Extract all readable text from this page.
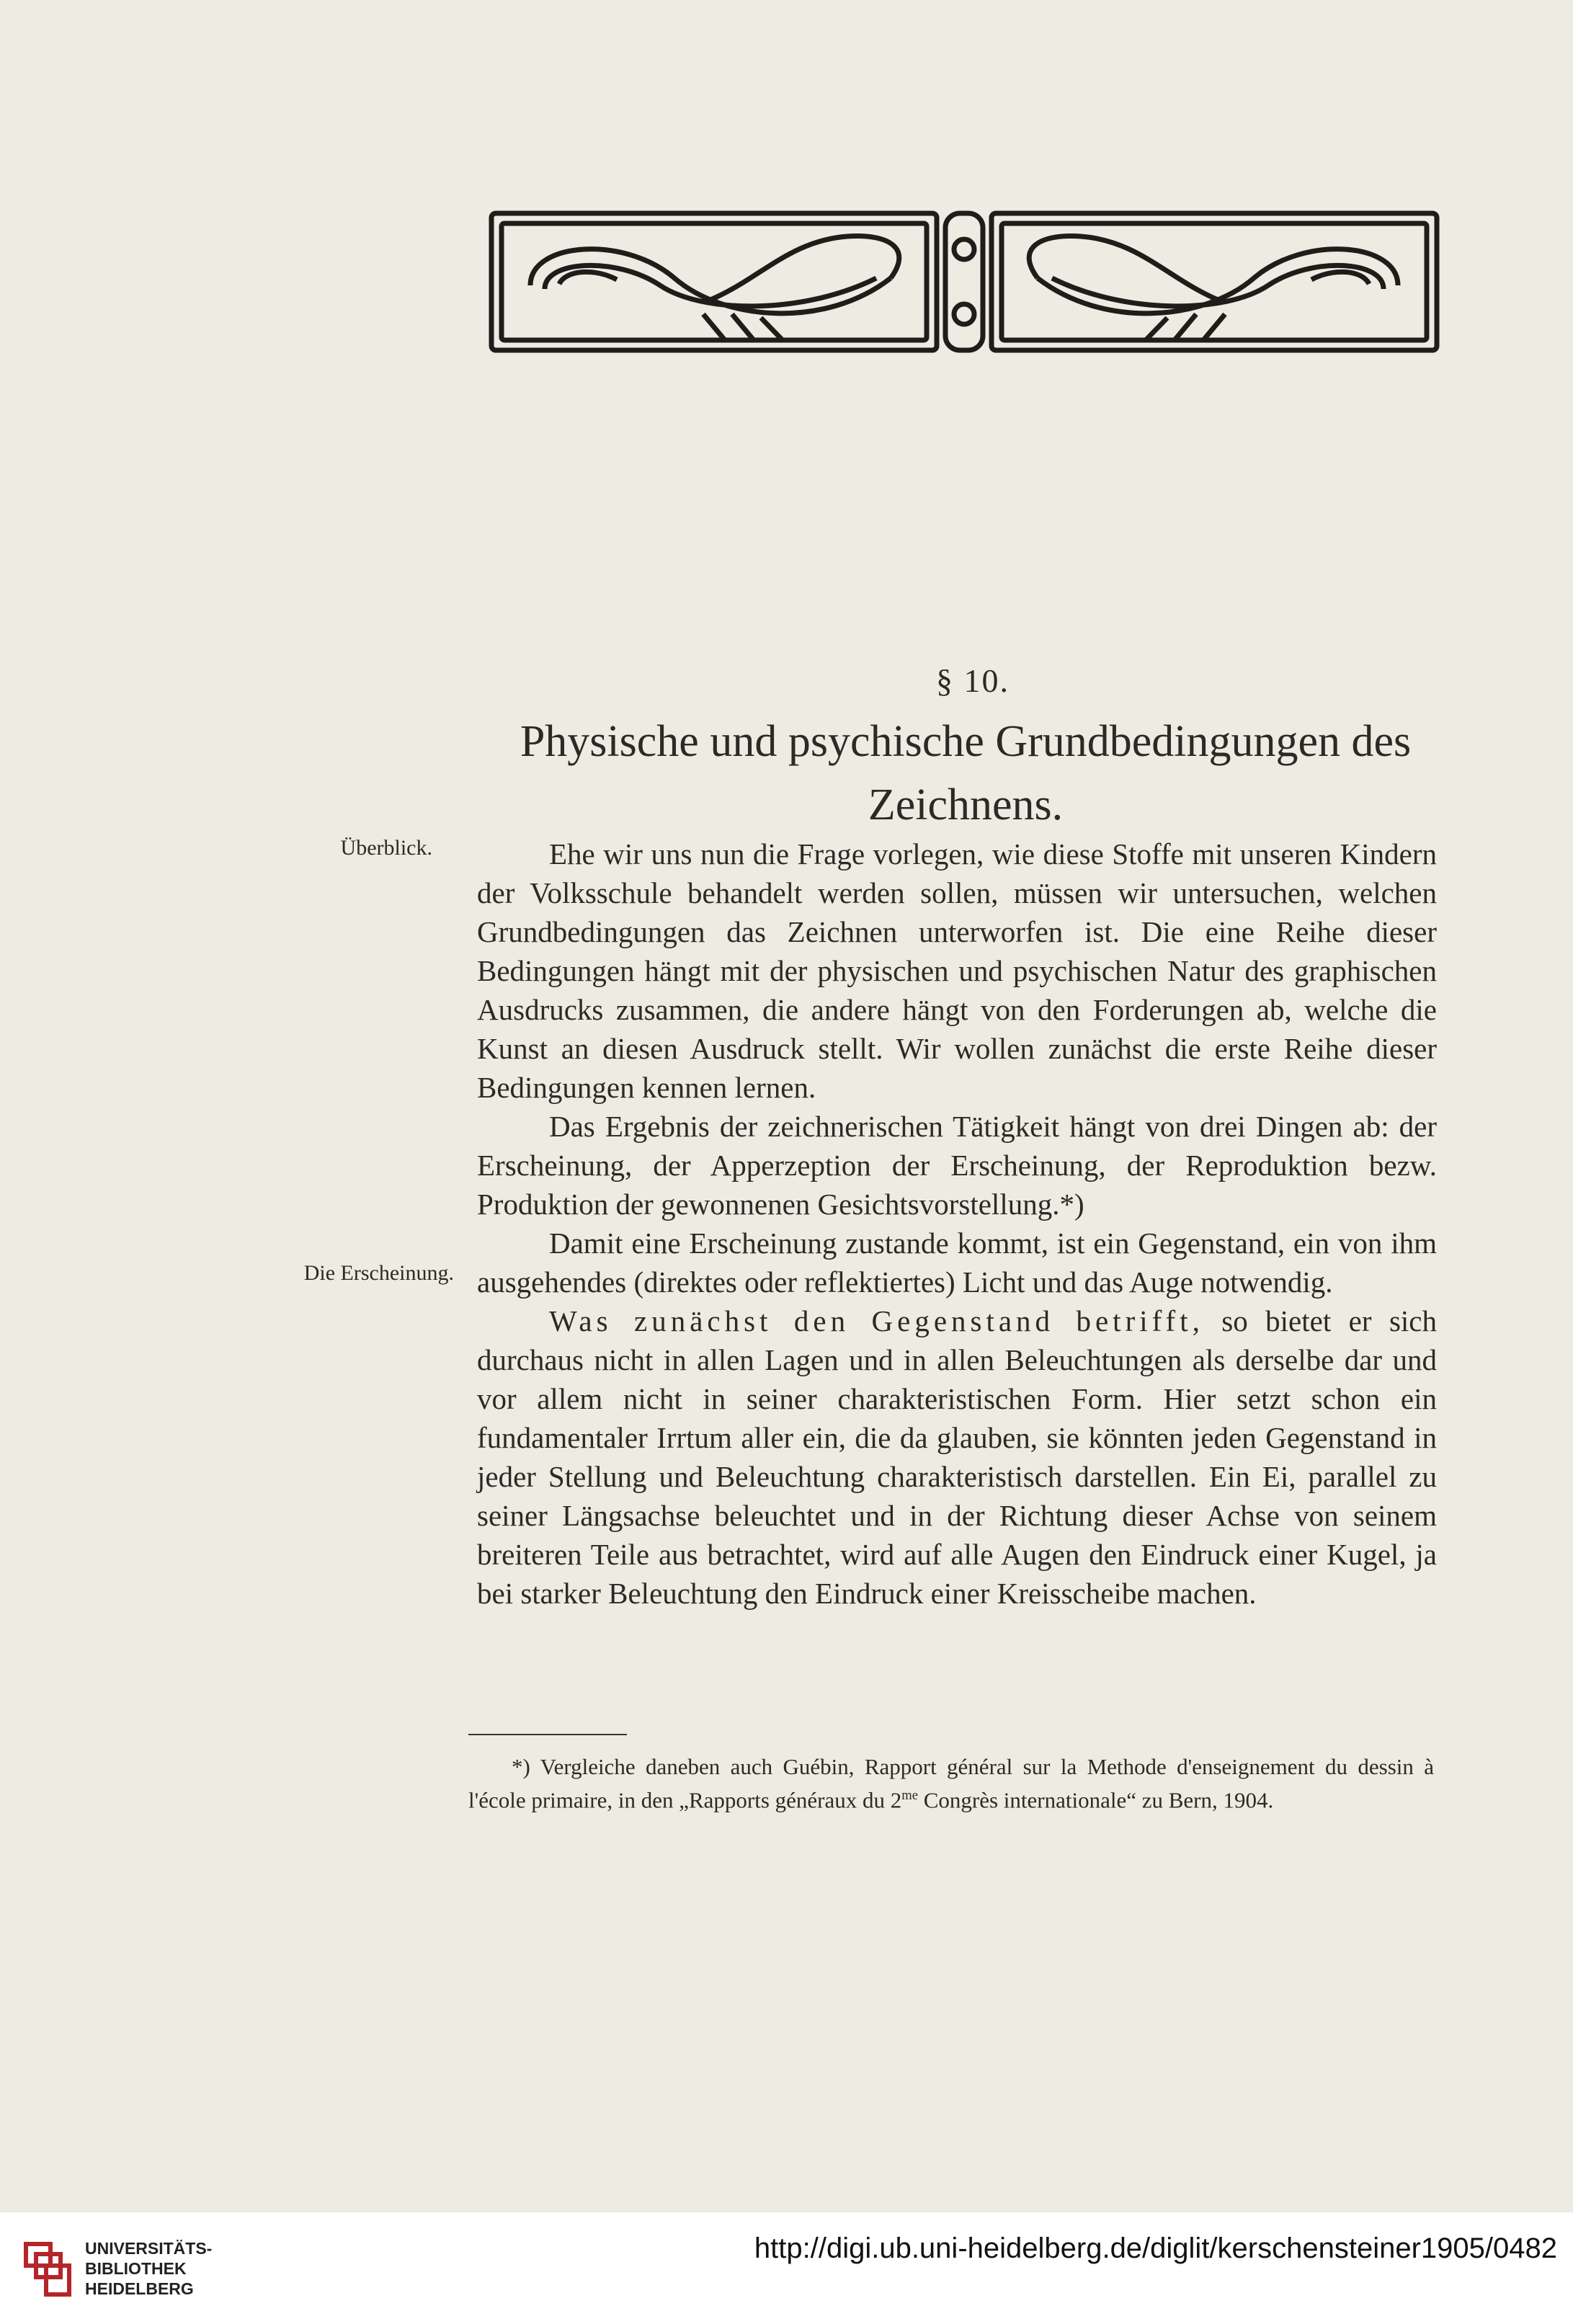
§ 10.
Physische und psychische Grundbedingungen des
Zeichnens.
Überblick.
Die Erscheinung.

Ehe wir uns nun die Frage vorlegen, wie diese Stoffe mit unseren Kindern der Volksschule behandelt werden sollen, müssen wir untersuchen, welchen Grundbedingungen das Zeichnen unterworfen ist. Die eine Reihe dieser Bedingungen hängt mit der physischen und psychischen Natur des graphischen Ausdrucks zusammen, die andere hängt von den Forderungen ab, welche die Kunst an diesen Ausdruck stellt. Wir wollen zunächst die erste Reihe dieser Bedingungen kennen lernen.

Das Ergebnis der zeichnerischen Tätigkeit hängt von drei Dingen ab: der Erscheinung, der Apperzeption der Erscheinung, der Reproduktion bezw. Produktion der gewonnenen Gesichtsvorstellung.*)

Damit eine Erscheinung zustande kommt, ist ein Gegenstand, ein von ihm ausgehendes (direktes oder reflektiertes) Licht und das Auge notwendig.

Was zunächst den Gegenstand betrifft, so bietet er sich durchaus nicht in allen Lagen und in allen Beleuchtungen als derselbe dar und vor allem nicht in seiner charakteristischen Form. Hier setzt schon ein fundamentaler Irrtum aller ein, die da glauben, sie könnten jeden Gegenstand in jeder Stellung und Beleuchtung charakteristisch darstellen. Ein Ei, parallel zu seiner Längsachse beleuchtet und in der Richtung dieser Achse von seinem breiteren Teile aus betrachtet, wird auf alle Augen den Eindruck einer Kugel, ja bei starker Beleuchtung den Eindruck einer Kreisscheibe machen.

*) Vergleiche daneben auch Guébin, Rapport général sur la Methode d'enseignement du dessin à l'école primaire, in den „Rapports généraux du $2^{me}$ Congrès internationale“ zu Bern, 1904.

UNIVERSITÄTS-
BIBLIOTHEK
HEIDELBERG
http://digi.ub.uni-heidelberg.de/diglit/kerschensteiner1905/0482
